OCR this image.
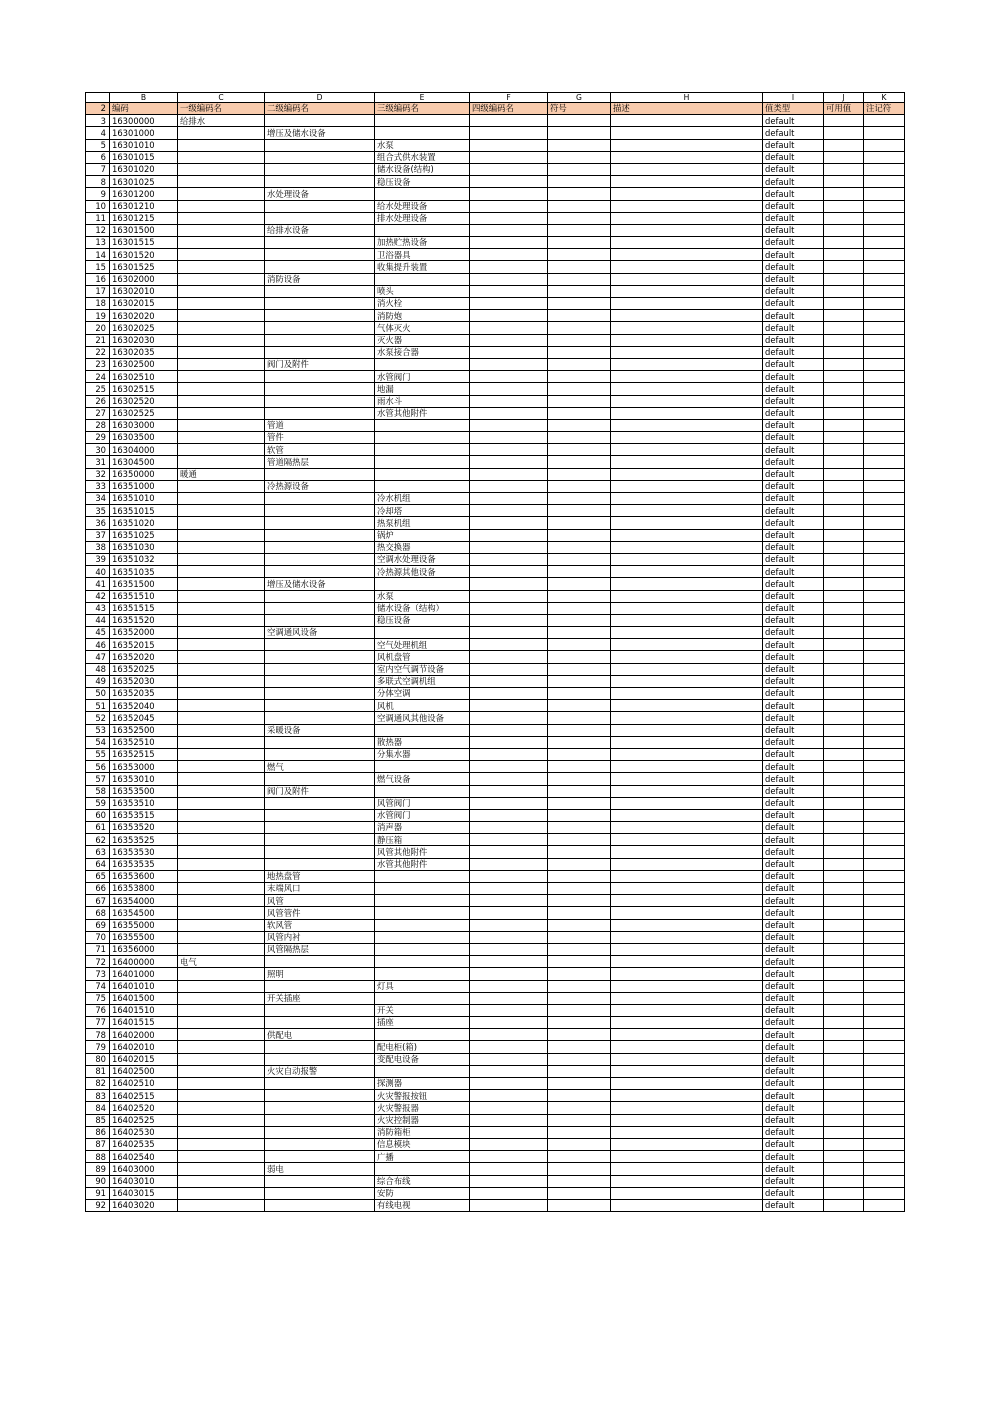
	B	C	D	E	F	G	H	I	J	K
2	编码	一级编码名	二级编码名	三级编码名	四级编码名	符号	描述	值类型	可用值	注记符
3	16300000	给排水						default		
4	16301000		增压及储水设备					default		
5	16301010			水泵				default		
6	16301015			组合式供水装置				default		
7	16301020			储水设备(结构)				default		
8	16301025			稳压设备				default		
9	16301200		水处理设备					default		
10	16301210			给水处理设备				default		
11	16301215			排水处理设备				default		
12	16301500		给排水设备					default		
13	16301515			加热贮热设备				default		
14	16301520			卫浴器具				default		
15	16301525			收集提升装置				default		
16	16302000		消防设备					default		
17	16302010			喷头				default		
18	16302015			消火栓				default		
19	16302020			消防炮				default		
20	16302025			气体灭火				default		
21	16302030			灭火器				default		
22	16302035			水泵接合器				default		
23	16302500		阀门及附件					default		
24	16302510			水管阀门				default		
25	16302515			地漏				default		
26	16302520			雨水斗				default		
27	16302525			水管其他附件				default		
28	16303000		管道					default		
29	16303500		管件					default		
30	16304000		软管					default		
31	16304500		管道隔热层					default		
32	16350000	暖通						default		
33	16351000		冷热源设备					default		
34	16351010			冷水机组				default		
35	16351015			冷却塔				default		
36	16351020			热泵机组				default		
37	16351025			锅炉				default		
38	16351030			热交换器				default		
39	16351032			空调水处理设备				default		
40	16351035			冷热源其他设备				default		
41	16351500		增压及储水设备					default		
42	16351510			水泵				default		
43	16351515			储水设备（结构）				default		
44	16351520			稳压设备				default		
45	16352000		空调通风设备					default		
46	16352015			空气处理机组				default		
47	16352020			风机盘管				default		
48	16352025			室内空气调节设备				default		
49	16352030			多联式空调机组				default		
50	16352035			分体空调				default		
51	16352040			风机				default		
52	16352045			空调通风其他设备				default		
53	16352500		采暖设备					default		
54	16352510			散热器				default		
55	16352515			分集水器				default		
56	16353000		燃气					default		
57	16353010			燃气设备				default		
58	16353500		阀门及附件					default		
59	16353510			风管阀门				default		
60	16353515			水管阀门				default		
61	16353520			消声器				default		
62	16353525			静压箱				default		
63	16353530			风管其他附件				default		
64	16353535			水管其他附件				default		
65	16353600		地热盘管					default		
66	16353800		末端风口					default		
67	16354000		风管					default		
68	16354500		风管管件					default		
69	16355000		软风管					default		
70	16355500		风管内衬					default		
71	16356000		风管隔热层					default		
72	16400000	电气						default		
73	16401000		照明					default		
74	16401010			灯具				default		
75	16401500		开关插座					default		
76	16401510			开关				default		
77	16401515			插座				default		
78	16402000		供配电					default		
79	16402010			配电柜(箱)				default		
80	16402015			变配电设备				default		
81	16402500		火灾自动报警					default		
82	16402510			探测器				default		
83	16402515			火灾警报按钮				default		
84	16402520			火灾警报器				default		
85	16402525			火灾控制器				default		
86	16402530			消防箱柜				default		
87	16402535			信息模块				default		
88	16402540			广播				default		
89	16403000		弱电					default		
90	16403010			综合布线				default		
91	16403015			安防				default		
92	16403020			有线电视				default		
